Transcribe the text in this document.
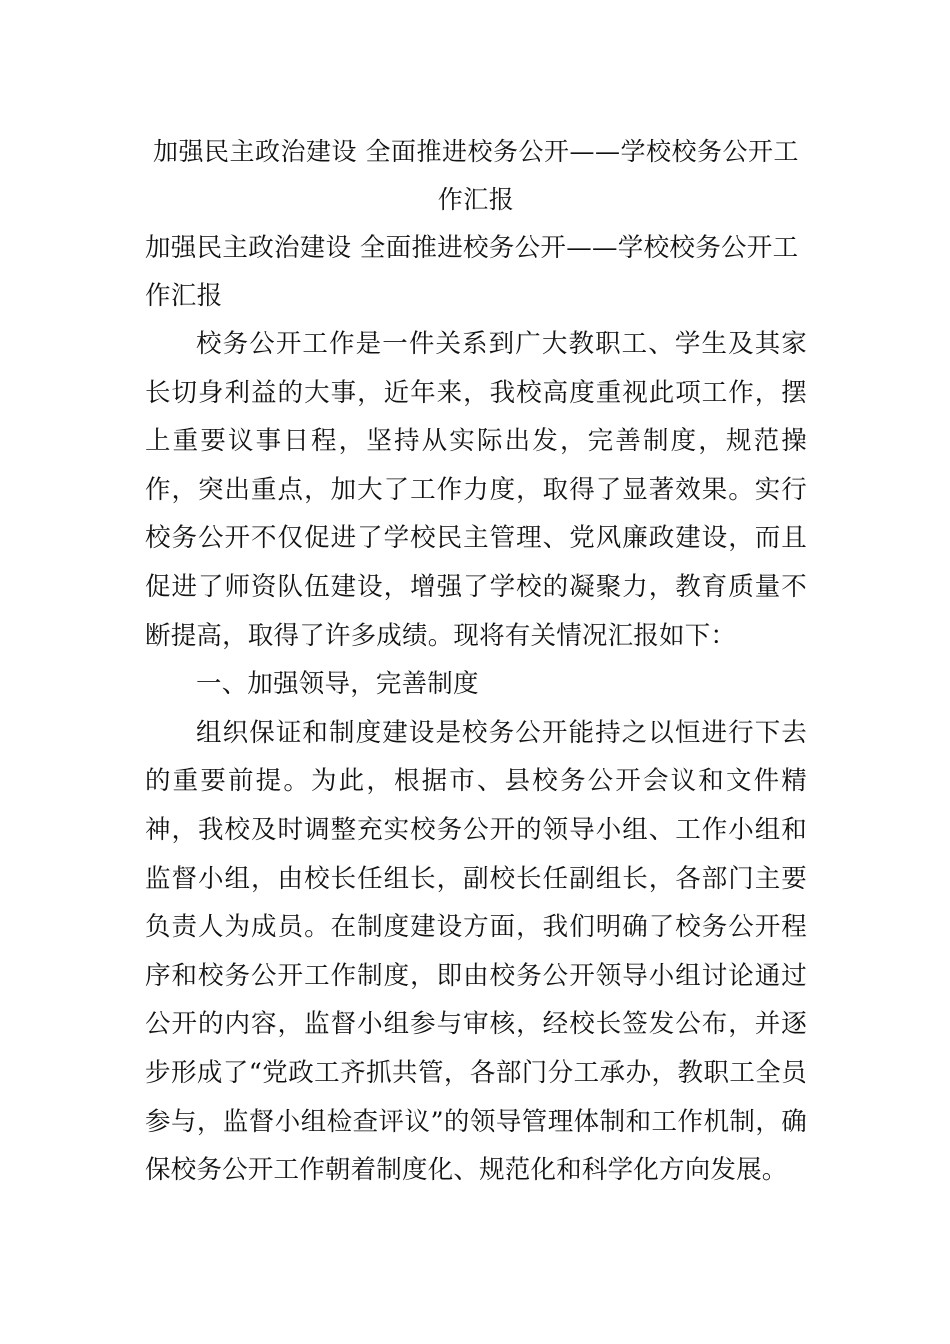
加强民主政治建设 全面推进校务公开——学校校务公开工作汇报

加强民主政治建设 全面推进校务公开——学校校务公开工作汇报

校务公开工作是一件关系到广大教职工、学生及其家长切身利益的大事，近年来，我校高度重视此项工作，摆上重要议事日程，坚持从实际出发，完善制度，规范操作，突出重点，加大了工作力度，取得了显著效果。实行校务公开不仅促进了学校民主管理、党风廉政建设，而且促进了师资队伍建设，增强了学校的凝聚力，教育质量不断提高，取得了许多成绩。现将有关情况汇报如下：

一、加强领导，完善制度

组织保证和制度建设是校务公开能持之以恒进行下去的重要前提。为此，根据市、县校务公开会议和文件精神，我校及时调整充实校务公开的领导小组、工作小组和监督小组，由校长任组长，副校长任副组长，各部门主要负责人为成员。在制度建设方面，我们明确了校务公开程序和校务公开工作制度，即由校务公开领导小组讨论通过公开的内容，监督小组参与审核，经校长签发公布，并逐步形成了“党政工齐抓共管，各部门分工承办，教职工全员参与，监督小组检查评议”的领导管理体制和工作机制，确保校务公开工作朝着制度化、规范化和科学化方向发展。
